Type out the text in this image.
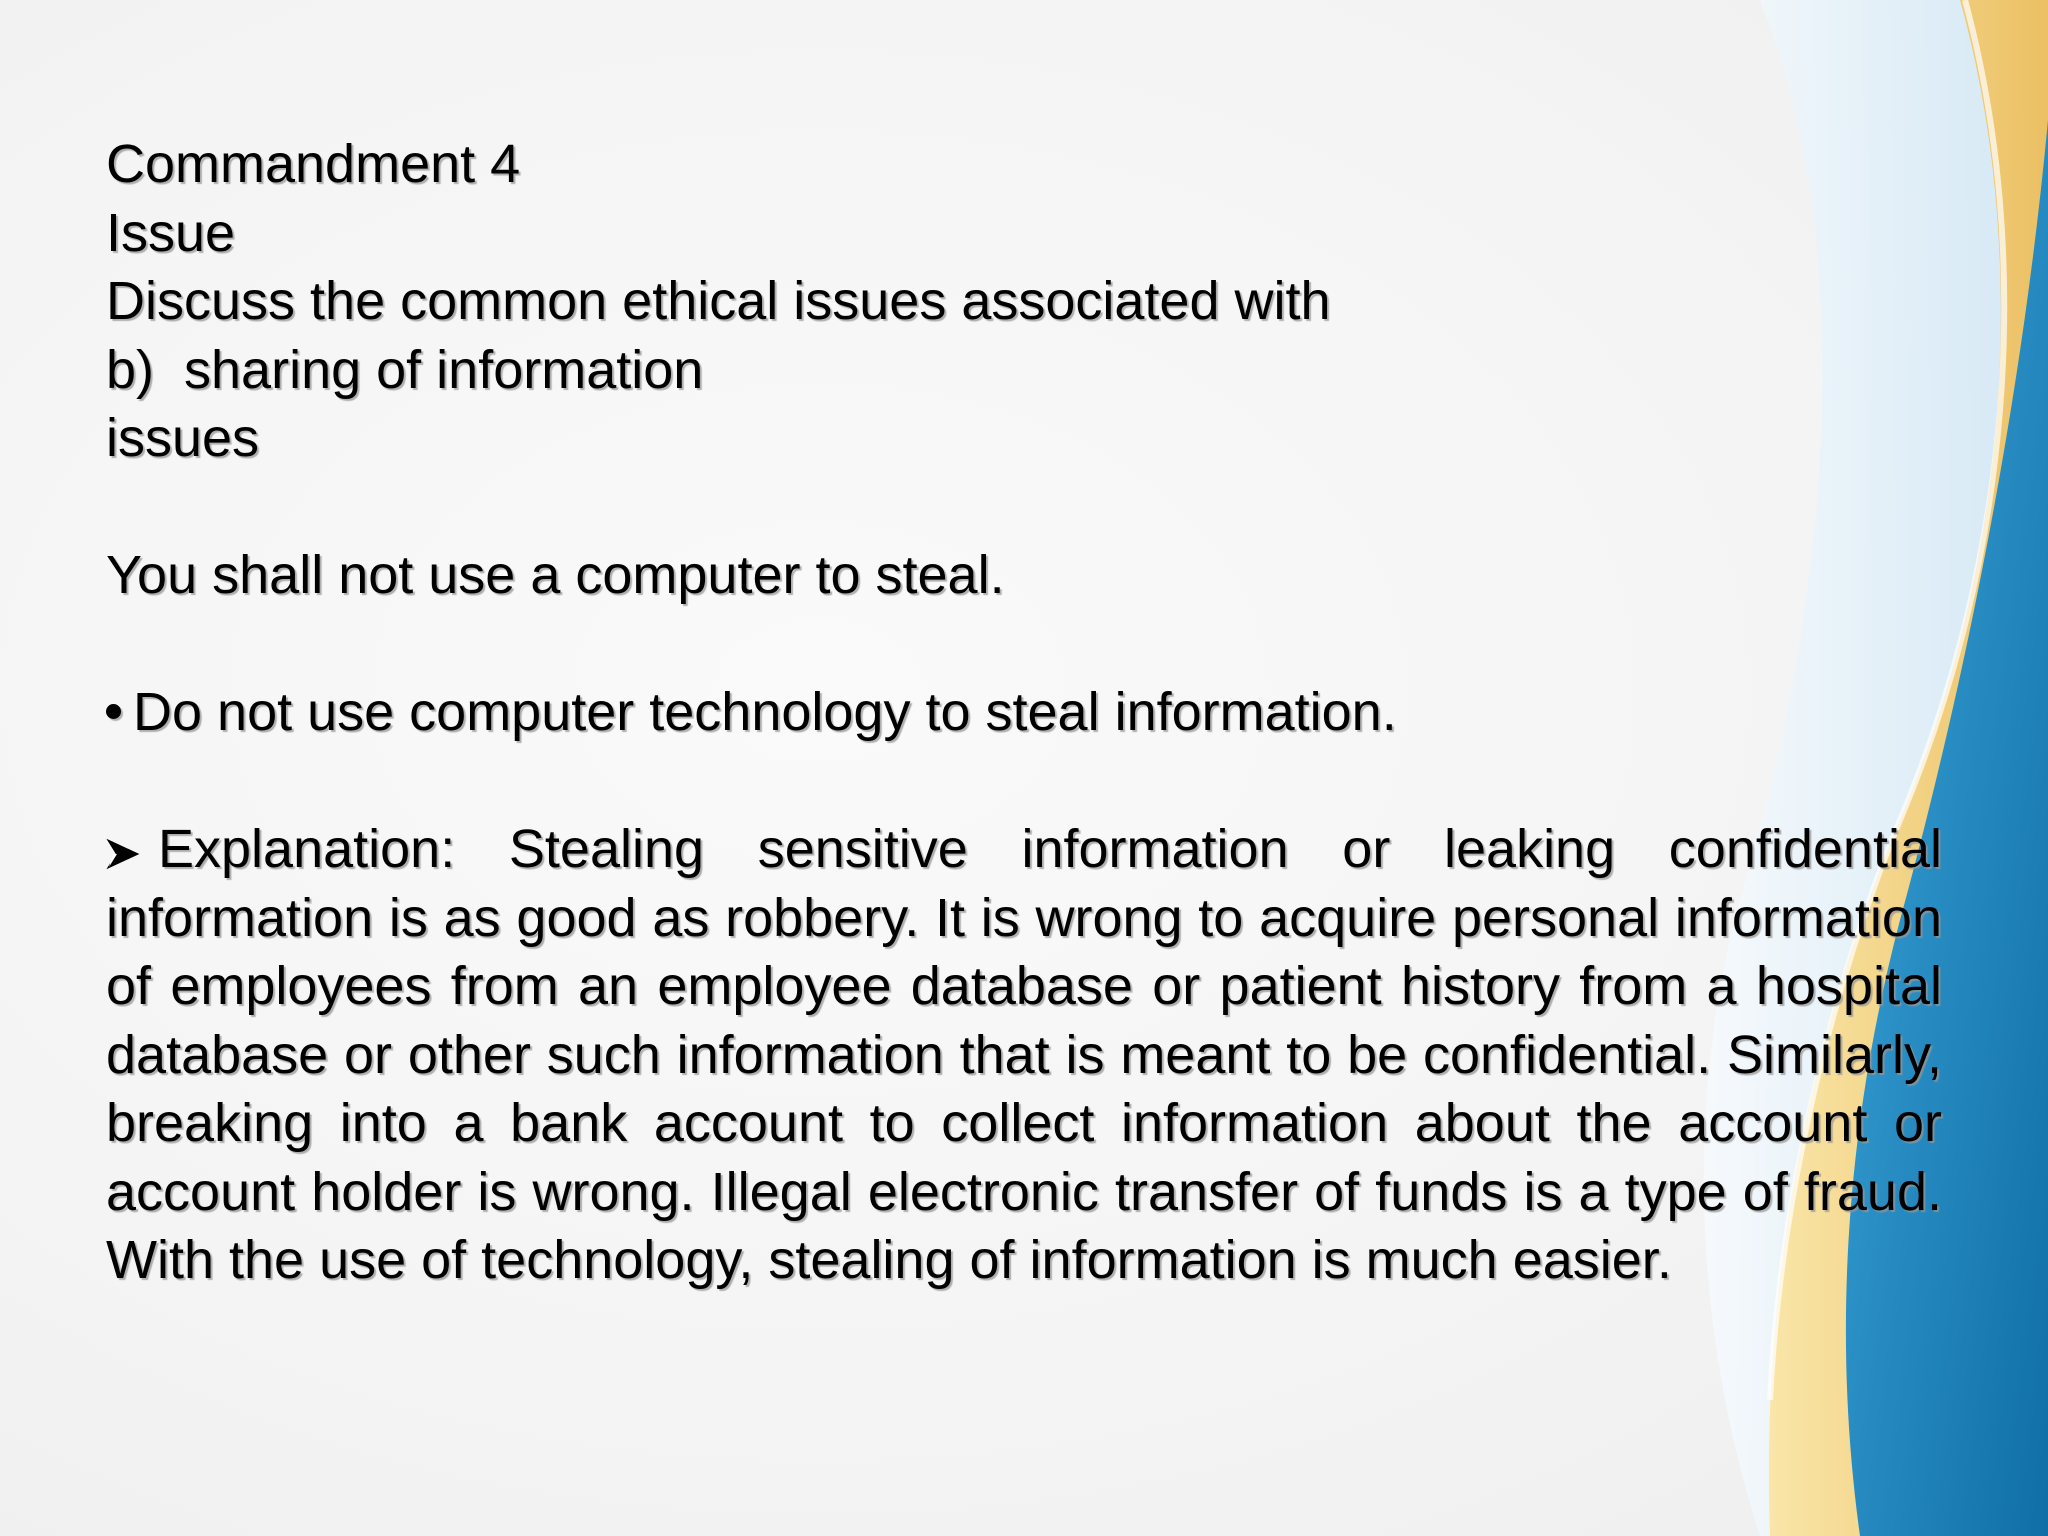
Commandment 4
Issue
Discuss the common ethical issues associated with
b)  sharing of information
issues
You shall not use a computer to steal.
Do not use computer technology to steal information.
Explanation: Stealing sensitive information or leaking confidential information is as good as robbery. It is wrong to acquire personal information of employees from an employee database or patient history from a hospital database or other such information that is meant to be confidential. Similarly, breaking into a bank account to collect information about the account or account holder is wrong. Illegal electronic transfer of funds is a type of fraud. With the use of technology, stealing of information is much easier.
